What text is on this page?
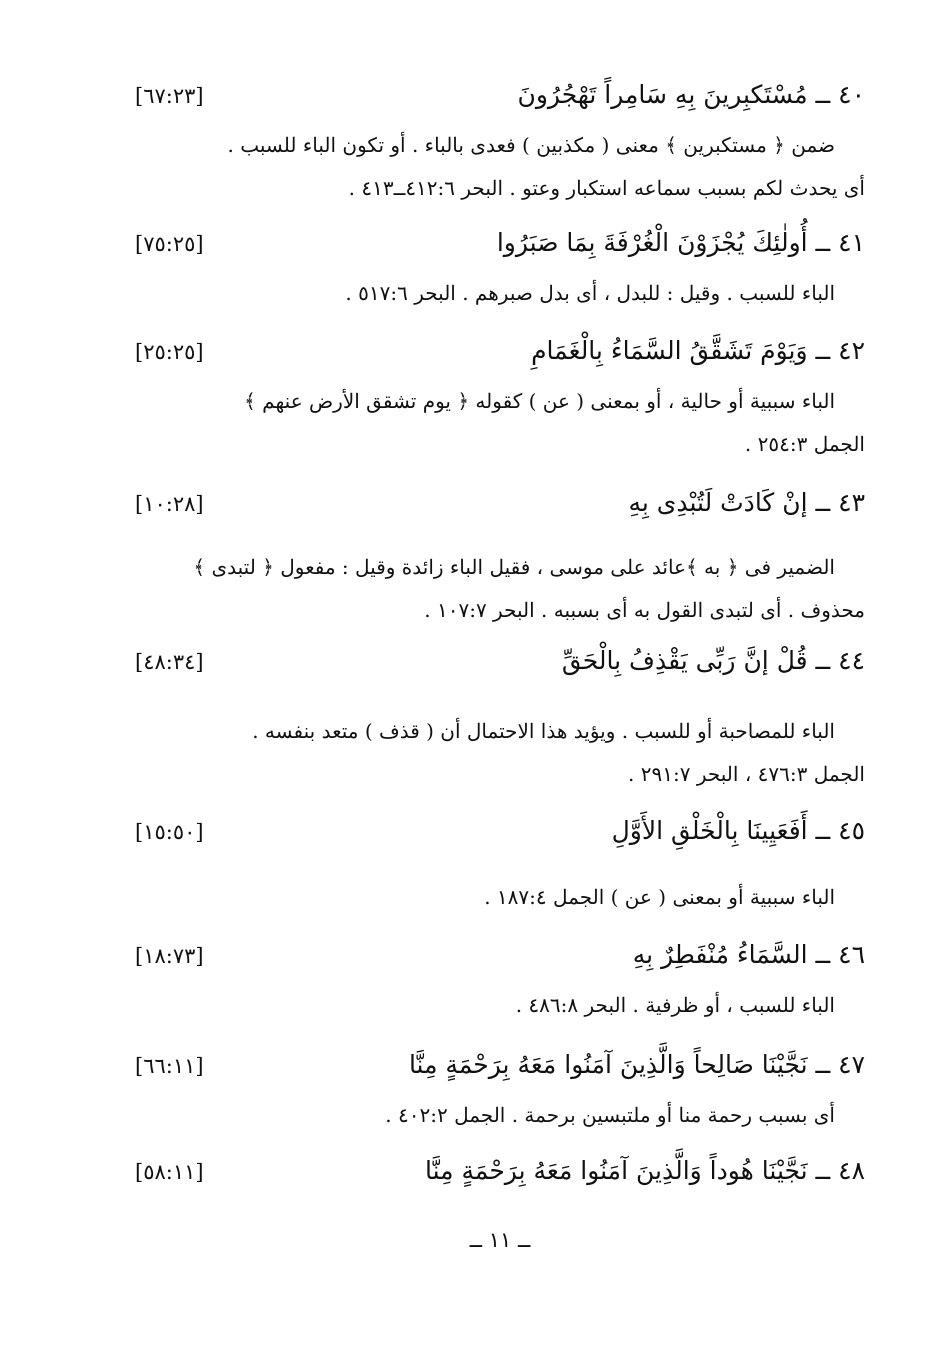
٤٠ ــ مُسْتَكبِرينَ بِهِ سَامِراً تَهْجُرُونَ
[٦٧:٢٣]

ضمن ﴿ مستكبرين ﴾ معنى ( مكذبين ) فعدى بالباء . أو تكون الباء للسبب .

أى يحدث لكم بسبب سماعه استكبار وعتو . البحر ٤١٢:٦ــ٤١٣ .

٤١ ــ أُولٰئِكَ يُجْزَوْنَ الْغُرْفَةَ بِمَا صَبَرُوا
[٧٥:٢٥]

الباء للسبب . وقيل : للبدل ، أى بدل صبرهم . البحر ٥١٧:٦ .

٤٢ ــ وَيَوْمَ تَشَقَّقُ السَّمَاءُ بِالْغَمَامِ
[٢٥:٢٥]

الباء سببية أو حالية ، أو بمعنى ( عن ) كقوله ﴿ يوم تشقق الأرض عنهم ﴾

الجمل ٢٥٤:٣ .

٤٣ ــ إنْ كَادَتْ لَتُبْدِى بِهِ
[١٠:٢٨]

الضمير فى ﴿ به ﴾عائد على موسى ، فقيل الباء زائدة وقيل : مفعول ﴿ لتبدى ﴾

محذوف . أى لتبدى القول به أى بسببه . البحر ١٠٧:٧ .

٤٤ ــ قُلْ إنَّ رَبِّى يَقْذِفُ بِالْحَقِّ
[٤٨:٣٤]

الباء للمصاحبة أو للسبب . ويؤيد هذا الاحتمال أن ( قذف ) متعد بنفسه .

الجمل ٤٧٦:٣ ، البحر ٢٩١:٧ .

٤٥ ــ أَفَعَيِينَا بِالْخَلْقِ الأَوَّلِ
[١٥:٥٠]

الباء سببية أو بمعنى ( عن ) الجمل ١٨٧:٤ .

٤٦ ــ السَّمَاءُ مُنْفَطِرٌ بِهِ
[١٨:٧٣]

الباء للسبب ، أو ظرفية . البحر ٤٨٦:٨ .

٤٧ ــ نَجَّيْنَا صَالِحاً وَالَّذِينَ آمَنُوا مَعَهُ بِرَحْمَةٍ مِنَّا
[٦٦:١١]

أى بسبب رحمة منا أو ملتبسين برحمة . الجمل ٤٠٢:٢ .

٤٨ ــ نَجَّيْنَا هُوداً وَالَّذِينَ آمَنُوا مَعَهُ بِرَحْمَةٍ مِنَّا
[٥٨:١١]
ــ ١١ ــ
